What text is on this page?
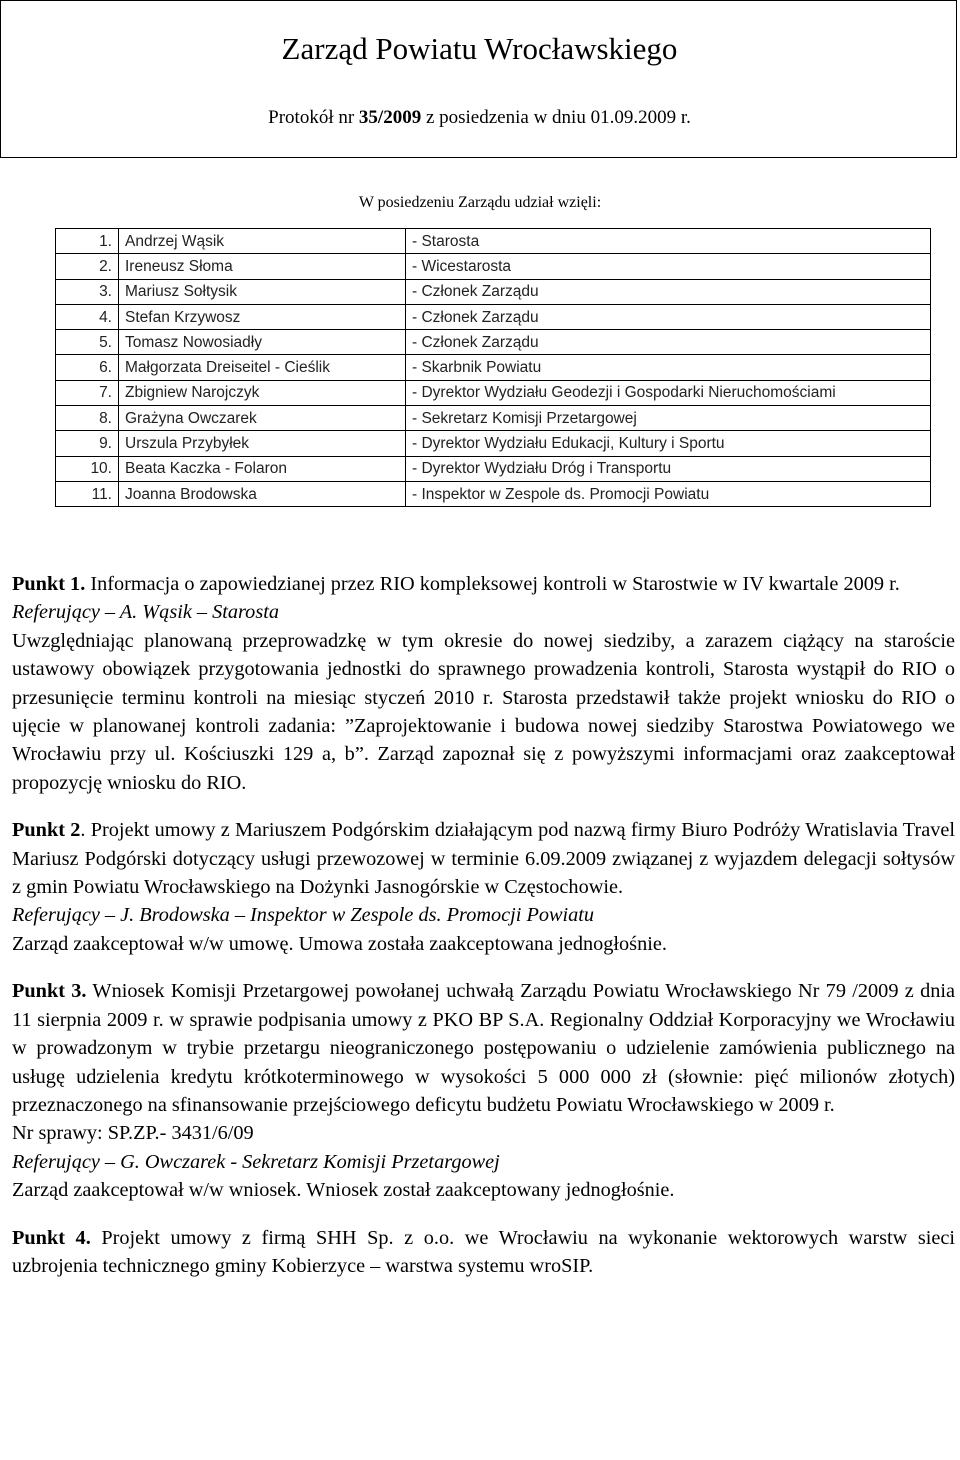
Zarząd Powiatu Wrocławskiego
Protokół nr 35/2009 z posiedzenia w dniu 01.09.2009 r.
W posiedzeniu Zarządu udział wzięli:
1.	Andrzej Wąsik	- Starosta
2.	Ireneusz Słoma	- Wicestarosta
3.	Mariusz Sołtysik	- Członek Zarządu
4.	Stefan Krzywosz	- Członek Zarządu
5.	Tomasz Nowosiadły	- Członek Zarządu
6.	Małgorzata Dreiseitel - Cieślik	- Skarbnik Powiatu
7.	Zbigniew Narojczyk	- Dyrektor Wydziału Geodezji i Gospodarki Nieruchomościami
8.	Grażyna Owczarek	- Sekretarz Komisji Przetargowej
9.	Urszula Przybyłek	- Dyrektor Wydziału Edukacji, Kultury i Sportu
10.	Beata Kaczka - Folaron	- Dyrektor Wydziału Dróg i Transportu
11.	Joanna Brodowska	- Inspektor w Zespole ds. Promocji Powiatu

Punkt 1. Informacja o zapowiedzianej przez RIO kompleksowej kontroli w Starostwie w IV kwartale 2009 r.

Referujący – A. Wąsik – Starosta

Uwzględniając planowaną przeprowadzkę w tym okresie do nowej siedziby, a zarazem ciążący na staroście ustawowy obowiązek przygotowania jednostki do sprawnego prowadzenia kontroli, Starosta wystąpił do RIO o przesunięcie terminu kontroli na miesiąc styczeń 2010 r. Starosta przedstawił także projekt wniosku do RIO o ujęcie w planowanej kontroli zadania: ”Zaprojektowanie i budowa nowej siedziby Starostwa Powiatowego we Wrocławiu przy ul. Kościuszki 129 a, b”. Zarząd zapoznał się z powyższymi informacjami oraz zaakceptował propozycję wniosku do RIO.

Punkt 2. Projekt umowy z Mariuszem Podgórskim działającym pod nazwą firmy Biuro Podróży Wratislavia Travel Mariusz Podgórski dotyczący usługi przewozowej w terminie 6.09.2009 związanej z wyjazdem delegacji sołtysów z gmin Powiatu Wrocławskiego na Dożynki Jasnogórskie w Częstochowie.

Referujący – J. Brodowska – Inspektor w Zespole ds. Promocji Powiatu

Zarząd zaakceptował w/w umowę. Umowa została zaakceptowana jednogłośnie.

Punkt 3. Wniosek Komisji Przetargowej powołanej uchwałą Zarządu Powiatu Wrocławskiego Nr 79 /2009 z dnia 11 sierpnia 2009 r. w sprawie podpisania umowy z PKO BP S.A. Regionalny Oddział Korporacyjny we Wrocławiu w prowadzonym w trybie przetargu nieograniczonego postępowaniu o udzielenie zamówienia publicznego na usługę udzielenia kredytu krótkoterminowego w wysokości 5 000 000 zł (słownie: pięć milionów złotych) przeznaczonego na sfinansowanie przejściowego deficytu budżetu Powiatu Wrocławskiego w 2009 r.

Nr sprawy: SP.ZP.- 3431/6/09

Referujący – G. Owczarek - Sekretarz Komisji Przetargowej

Zarząd zaakceptował w/w wniosek. Wniosek został zaakceptowany jednogłośnie.

Punkt 4. Projekt umowy z firmą SHH Sp. z o.o. we Wrocławiu na wykonanie wektorowych warstw sieci uzbrojenia technicznego gminy Kobierzyce – warstwa systemu wroSIP.
